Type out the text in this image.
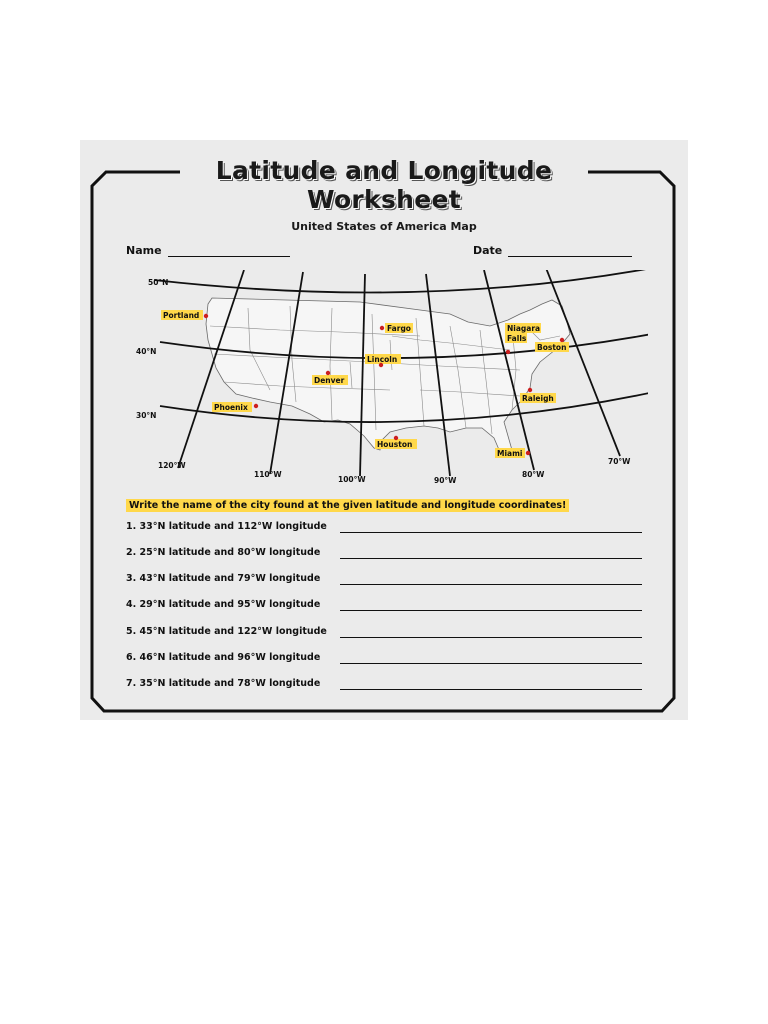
Latitude and Longitude
Worksheet
United States of America Map
Name	Date
50°N
40°N
30°N
120°W
110°W
100°W	90°W
80°W
70°W
Portland
Fargo	Niagara
Falls
Boston
Lincoln
Denver
Phoenix
Raleigh
Houston
Miami
Write the name of the city found at the given latitude and longitude coordinates!
1. 33°N latitude and 112°W longitude
2. 25°N latitude and 80°W longitude
3. 43°N latitude and 79°W longitude
4. 29°N latitude and 95°W longitude
5. 45°N latitude and 122°W longitude
6. 46°N latitude and 96°W longitude
7. 35°N latitude and 78°W longitude
